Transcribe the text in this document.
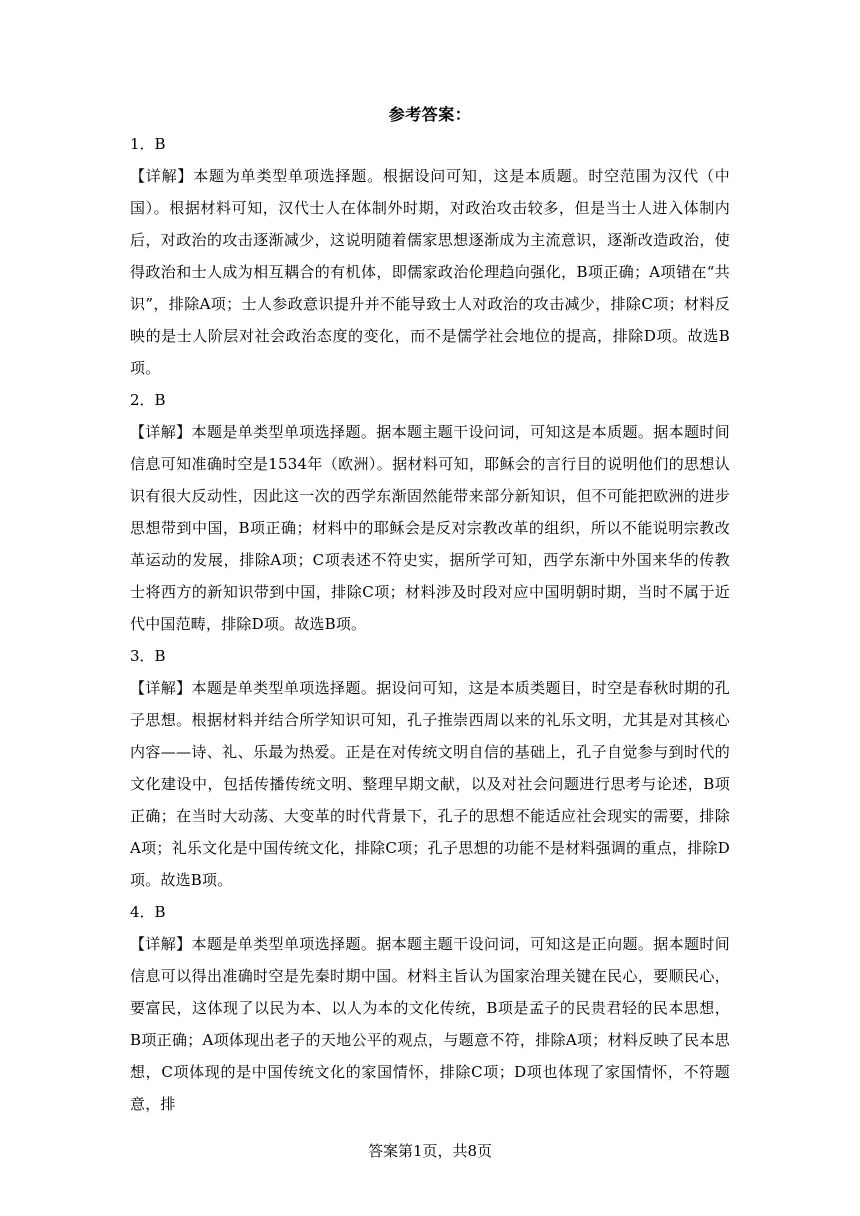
参考答案：
1．B

【详解】本题为单类型单项选择题。根据设问可知，这是本质题。时空范围为汉代（中国）。根据材料可知，汉代士人在体制外时期，对政治攻击较多，但是当士人进入体制内后，对政治的攻击逐渐减少，这说明随着儒家思想逐渐成为主流意识，逐渐改造政治，使得政治和士人成为相互耦合的有机体，即儒家政治伦理趋向强化，B项正确；A项错在“共识”，排除A项；士人参政意识提升并不能导致士人对政治的攻击减少，排除C项；材料反映的是士人阶层对社会政治态度的变化，而不是儒学社会地位的提高，排除D项。故选B项。

2．B

【详解】本题是单类型单项选择题。据本题主题干设问词，可知这是本质题。据本题时间信息可知准确时空是1534年（欧洲）。据材料可知，耶稣会的言行目的说明他们的思想认识有很大反动性，因此这一次的西学东渐固然能带来部分新知识，但不可能把欧洲的进步思想带到中国，B项正确；材料中的耶稣会是反对宗教改革的组织，所以不能说明宗教改革运动的发展，排除A项；C项表述不符史实，据所学可知，西学东渐中外国来华的传教士将西方的新知识带到中国，排除C项；材料涉及时段对应中国明朝时期，当时不属于近代中国范畴，排除D项。故选B项。

3．B

【详解】本题是单类型单项选择题。据设问可知，这是本质类题目，时空是春秋时期的孔子思想。根据材料并结合所学知识可知，孔子推崇西周以来的礼乐文明，尤其是对其核心内容——诗、礼、乐最为热爱。正是在对传统文明自信的基础上，孔子自觉参与到时代的文化建设中，包括传播传统文明、整理早期文献，以及对社会问题进行思考与论述，B项正确；在当时大动荡、大变革的时代背景下，孔子的思想不能适应社会现实的需要，排除A项；礼乐文化是中国传统文化，排除C项；孔子思想的功能不是材料强调的重点，排除D项。故选B项。

4．B

【详解】本题是单类型单项选择题。据本题主题干设问词，可知这是正向题。据本题时间信息可以得出准确时空是先秦时期中国。材料主旨认为国家治理关键在民心，要顺民心，要富民，这体现了以民为本、以人为本的文化传统，B项是孟子的民贵君轻的民本思想，B项正确；A项体现出老子的天地公平的观点，与题意不符，排除A项；材料反映了民本思想，C项体现的是中国传统文化的家国情怀，排除C项；D项也体现了家国情怀，不符题意，排

答案第1页，共8页
